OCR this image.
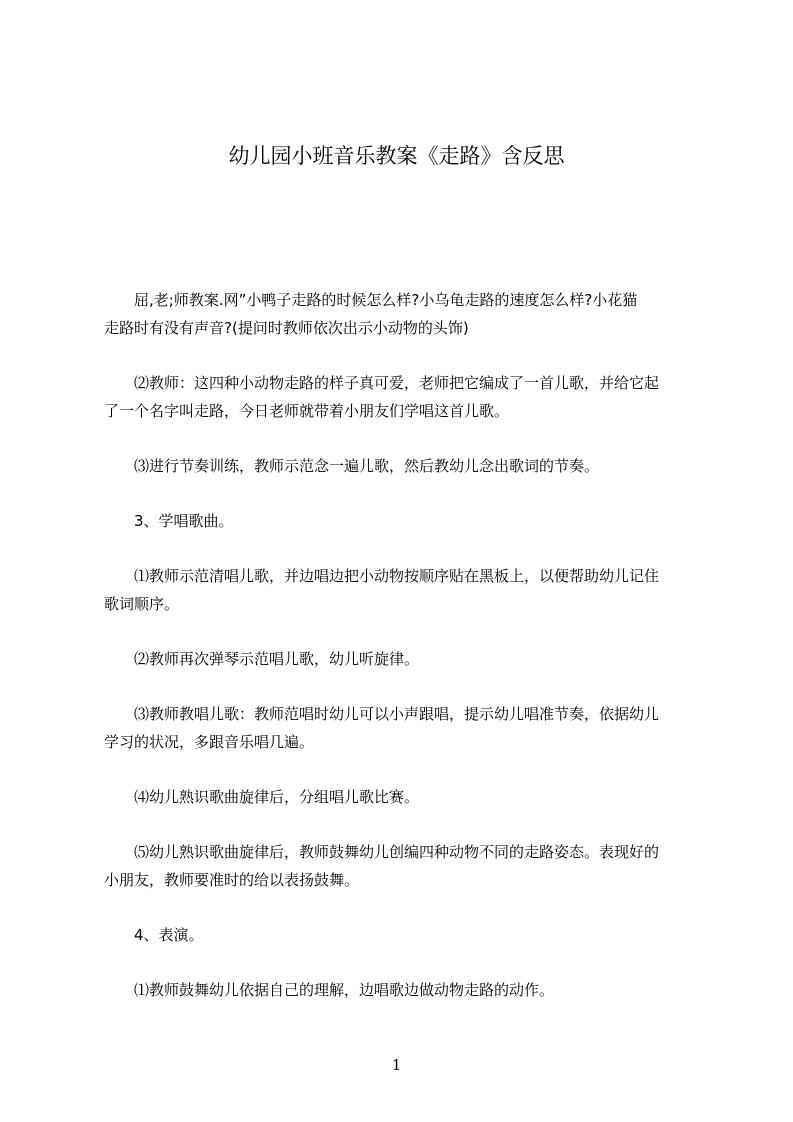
幼儿园小班音乐教案《走路》含反思

　　屈,老;师教案.网”小鸭子走路的时候怎么样?小乌龟走路的速度怎么样?小花猫
走路时有没有声音?(提问时教师依次出示小动物的头饰)

　　⑵教师：这四种小动物走路的样子真可爱，老师把它编成了一首儿歌，并给它起
了一个名字叫走路，今日老师就带着小朋友们学唱这首儿歌。

　　⑶进行节奏训练，教师示范念一遍儿歌，然后教幼儿念出歌词的节奏。

　　3、学唱歌曲。

　　⑴教师示范清唱儿歌，并边唱边把小动物按顺序贴在黑板上，以便帮助幼儿记住
歌词顺序。

　　⑵教师再次弹琴示范唱儿歌，幼儿听旋律。

　　⑶教师教唱儿歌：教师范唱时幼儿可以小声跟唱，提示幼儿唱准节奏，依据幼儿
学习的状况，多跟音乐唱几遍。

　　⑷幼儿熟识歌曲旋律后，分组唱儿歌比赛。

　　⑸幼儿熟识歌曲旋律后，教师鼓舞幼儿创编四种动物不同的走路姿态。表现好的
小朋友，教师要准时的给以表扬鼓舞。

　　4、表演。

　　⑴教师鼓舞幼儿依据自己的理解，边唱歌边做动物走路的动作。

1
